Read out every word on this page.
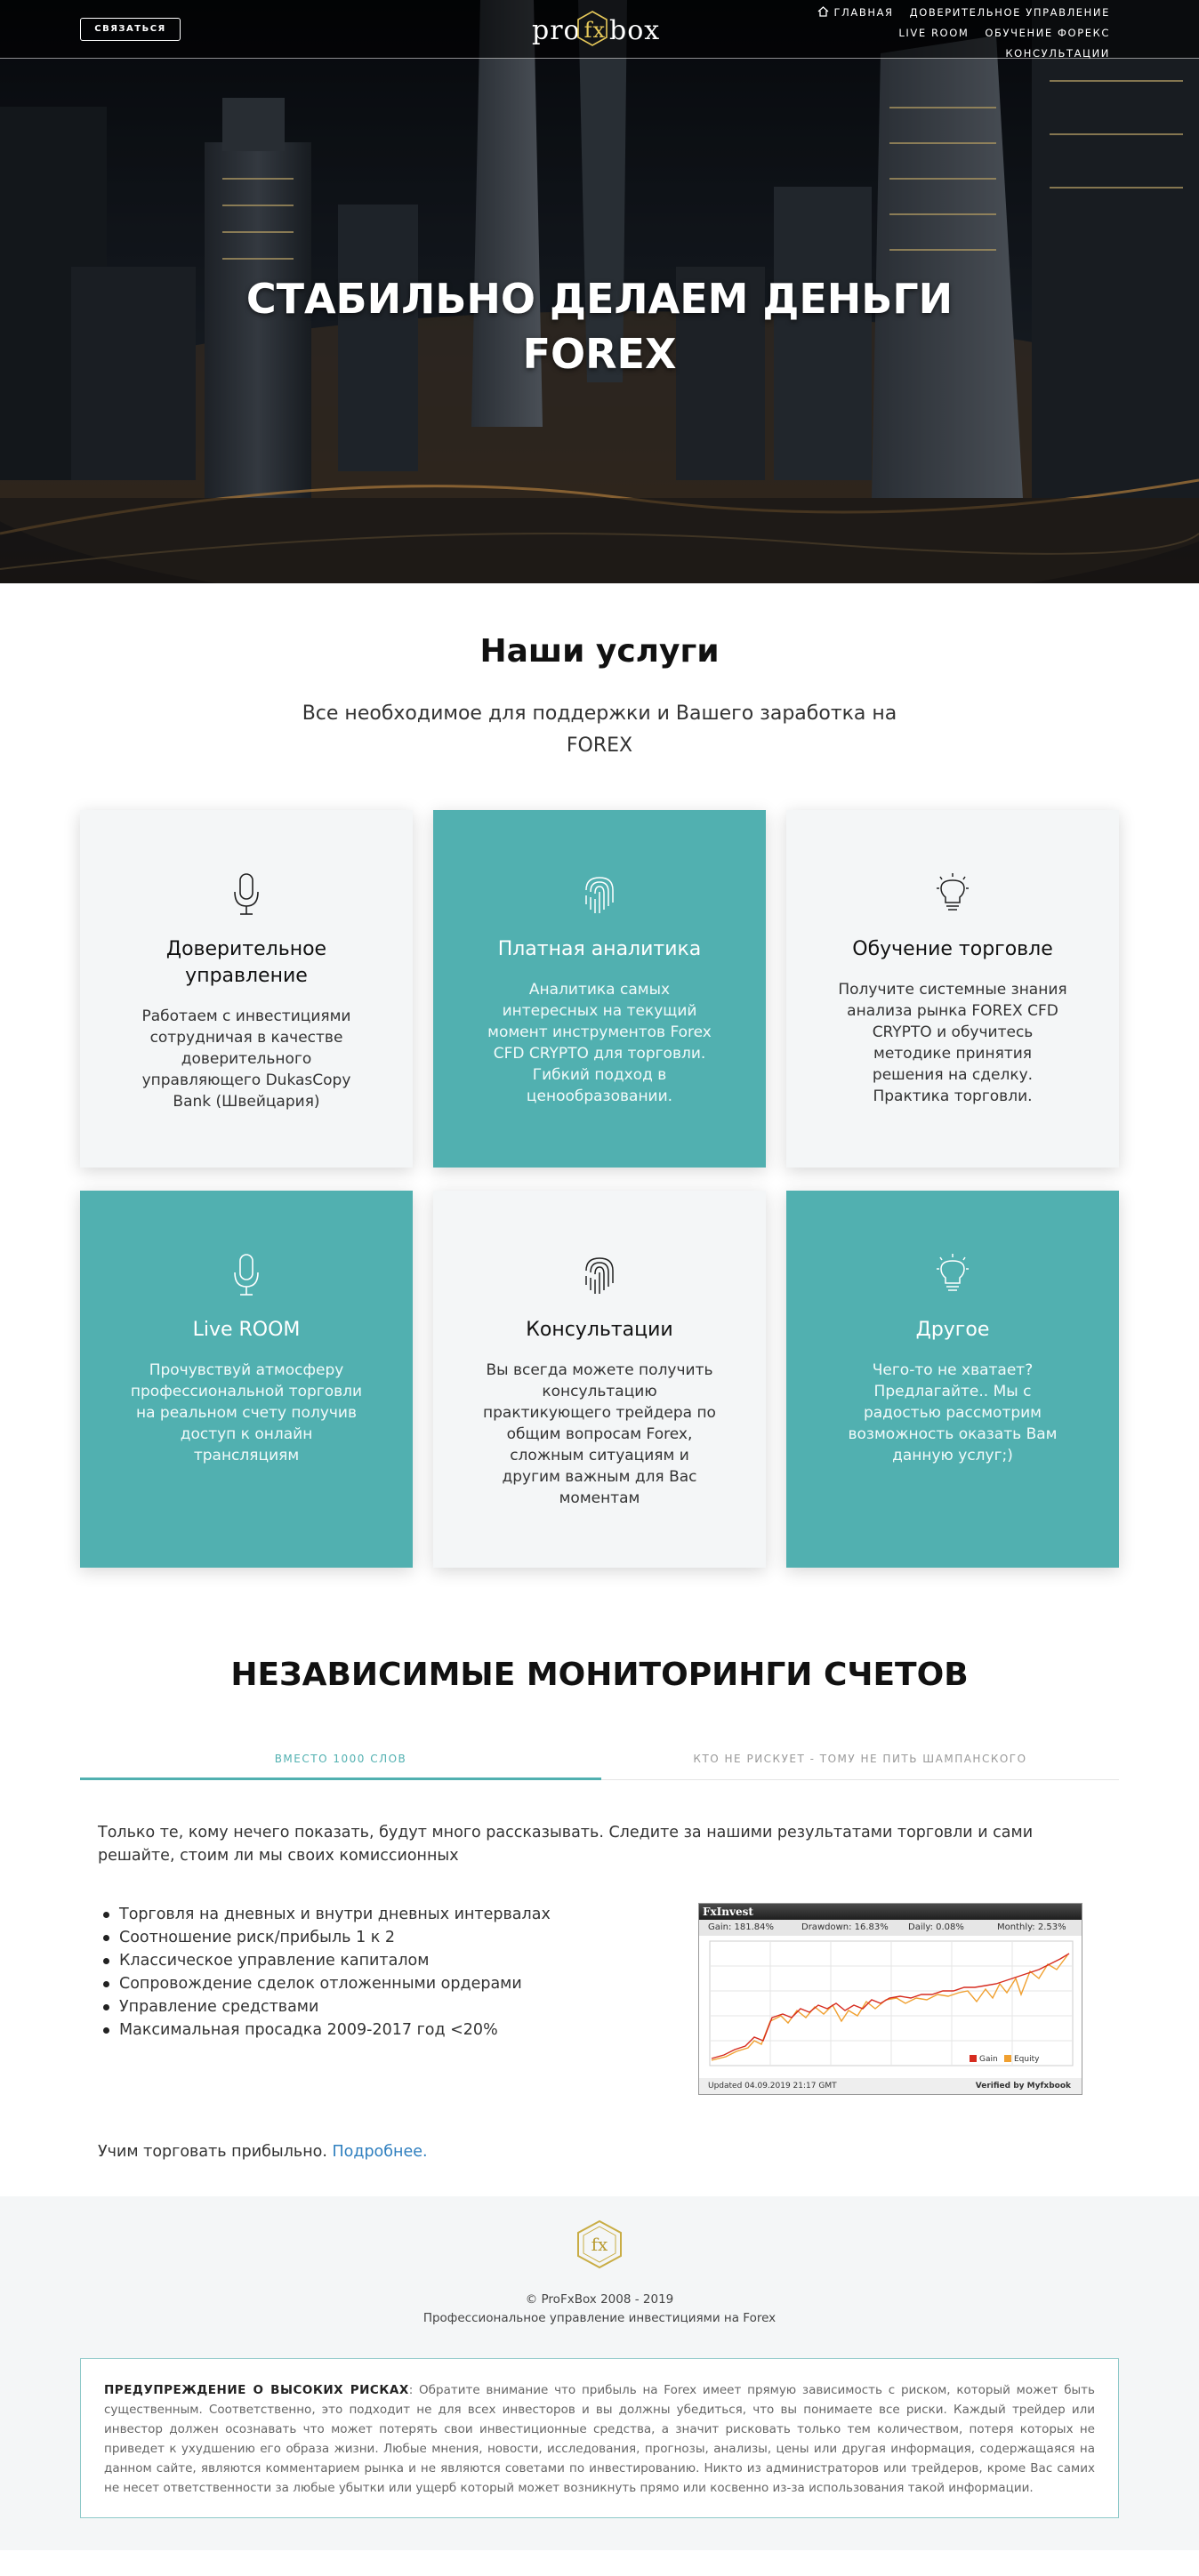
СВЯЗАТЬСЯ	pro fx box
ГЛАВНАЯ ДОВЕРИТЕЛЬНОЕ УПРАВЛЕНИЕ
LIVE ROOM ОБУЧЕНИЕ ФОРЕКС
КОНСУЛЬТАЦИИ
СТАБИЛЬНО ДЕЛАЕМ ДЕНЬГИ
FOREX
Наши услуги

Все необходимое для поддержки и Вашего заработка на FOREX

Доверительное управление

Работаем с инвестициями сотрудничая в качестве доверительного управляющего DukasCopy Bank (Швейцария)

Платная аналитика

Аналитика самых интересных на текущий момент инструментов Forex CFD CRYPTO для торговли. Гибкий подход в ценообразовании.

Обучение торговле

Получите системные знания анализа рынка FOREX CFD CRYPTO и обучитесь методике принятия решения на сделку. Практика торговли.

Live ROOM

Прочувствуй атмосферу профессиональной торговли на реальном счету получив доступ к онлайн трансляциям

Консультации

Вы всегда можете получить консультацию практикующего трейдера по общим вопросам Forex, сложным ситуациям и другим важным для Вас моментам

Другое

Чего-то не хватает? Предлагайте.. Мы с радостью рассмотрим возможность оказать Вам данную услуг;)

НЕЗАВИСИМЫЕ МОНИТОРИНГИ СЧЕТОВ
ВМЕСТО 1000 СЛОВ	КТО НЕ РИСКУЕТ - ТОМУ НЕ ПИТЬ ШАМПАНСКОГО

Только те, кому нечего показать, будут много рассказывать. Следите за нашими результатами торговли и сами решайте, стоим ли мы своих комиссионных

Торговля на дневных и внутри дневных интервалах
Соотношение риск/прибыль 1 к 2
Классическое управление капиталом
Сопровождение сделок отложенными ордерами
Управление средствами
Максимальная просадка 2009-2017 год <20%
FxInvest
Gain: 181.84%	Drawdown: 16.83% Daily: 0.08%	Monthly: 2.53%
Gain Equity
Updated 04.09.2019 21:17 GMT	Verified by Myfxbook

Учим торговать прибыльно. Подробнее.

fx

© ProFxBox 2008 - 2019

Профессиональное управление инвестициями на Forex

ПРЕДУПРЕЖДЕНИЕ О ВЫСОКИХ РИСКАХ: Обратите внимание что прибыль на Forex имеет прямую зависимость с риском, который может быть существенным. Соответственно, это подходит не для всех инвесторов и вы должны убедиться, что вы понимаете все риски. Каждый трейдер или инвестор должен осознавать что может потерять свои инвестиционные средства, а значит рисковать только тем количеством, потеря которых не приведет к ухудшению его образа жизни. Любые мнения, новости, исследования, прогнозы, анализы, цены или другая информация, содержащаяся на данном сайте, являются комментарием рынка и не являются советами по инвестированию. Никто из администраторов или трейдеров, кроме Вас самих не несет ответственности за любые убытки или ущерб который может возникнуть прямо или косвенно из-за использования такой информации.
